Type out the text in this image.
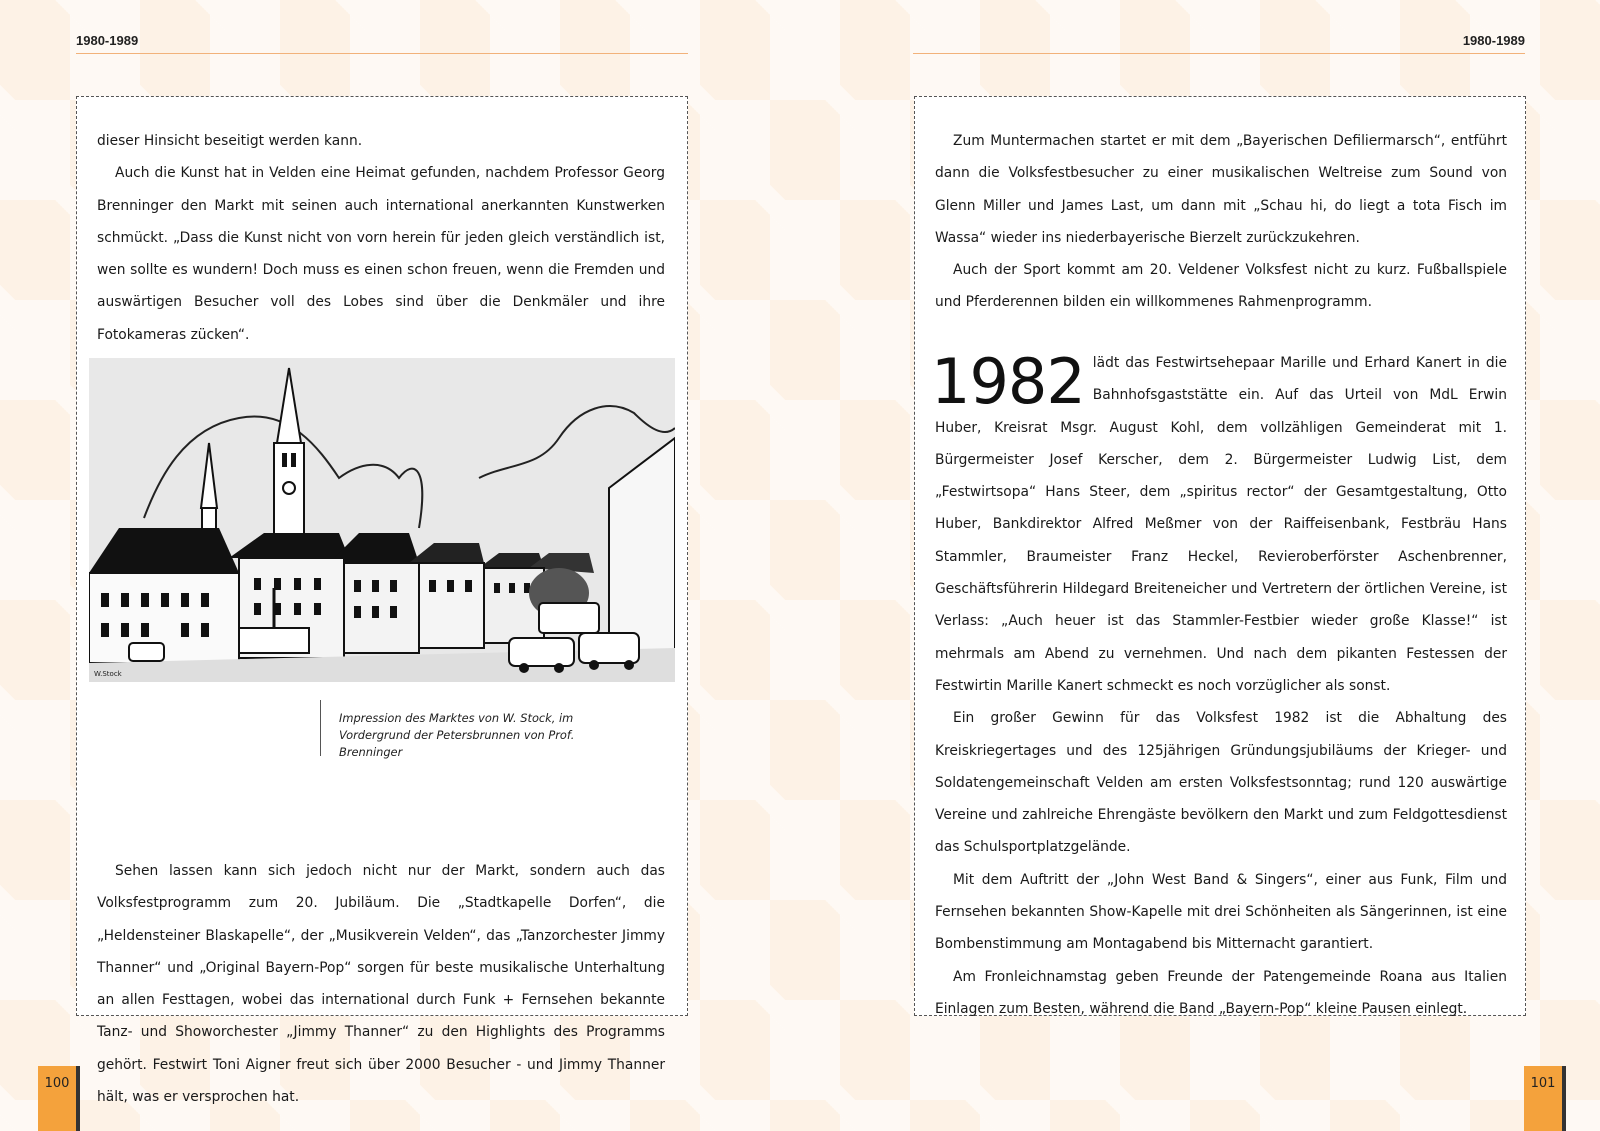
1980-1989

dieser Hinsicht beseitigt werden kann.

Auch die Kunst hat in Velden eine Heimat gefunden, nachdem Professor Georg Brenninger den Markt mit seinen auch international anerkannten Kunstwerken schmückt. „Dass die Kunst nicht von vorn herein für jeden gleich verständlich ist, wen sollte es wundern! Doch muss es einen schon freuen, wenn die Fremden und auswärtigen Besucher voll des Lobes sind über die Denkmäler und ihre Fotokameras zücken“.

W.Stock
Impression des Marktes von W. Stock, im Vordergrund der Petersbrunnen von Prof. Brenninger

Sehen lassen kann sich jedoch nicht nur der Markt, sondern auch das Volksfestprogramm zum 20. Jubiläum. Die „Stadtkapelle Dorfen“, die „Heldensteiner Blaskapelle“, der „Musikverein Velden“, das „Tanzorchester Jimmy Thanner“ und „Original Bayern-Pop“ sorgen für beste musikalische Unterhaltung an allen Festtagen, wobei das international durch Funk + Fernsehen bekannte Tanz- und Showorchester „Jimmy Thanner“ zu den Highlights des Programms gehört. Festwirt Toni Aigner freut sich über 2000 Besucher - und Jimmy Thanner hält, was er versprochen hat.

100
1980-1989

Zum Muntermachen startet er mit dem „Bayerischen Defiliermarsch“, entführt dann die Volksfestbesucher zu einer musikalischen Weltreise zum Sound von Glenn Miller und James Last, um dann mit „Schau hi, do liegt a tota Fisch im Wassa“ wieder ins niederbayerische Bierzelt zurückzukehren.

Auch der Sport kommt am 20. Veldener Volksfest nicht zu kurz. Fußballspiele und Pferderennen bilden ein willkommenes Rahmenprogramm.

1982 lädt das Festwirtsehepaar Marille und Erhard Kanert in die Bahnhofsgaststätte ein. Auf das Urteil von MdL Erwin Huber, Kreisrat Msgr. August Kohl, dem vollzähligen Gemeinderat mit 1. Bürgermeister Josef Kerscher, dem 2. Bürgermeister Ludwig List, dem „Festwirtsopa“ Hans Steer, dem „spiritus rector“ der Gesamtgestaltung, Otto Huber, Bankdirektor Alfred Meßmer von der Raiffeisenbank, Festbräu Hans Stammler, Braumeister Franz Heckel, Revieroberförster Aschenbrenner, Geschäftsführerin Hildegard Breiteneicher und Vertretern der örtlichen Vereine, ist Verlass: „Auch heuer ist das Stammler-Festbier wieder große Klasse!“ ist mehrmals am Abend zu vernehmen. Und nach dem pikanten Festessen der Festwirtin Marille Kanert schmeckt es noch vorzüglicher als sonst.

Ein großer Gewinn für das Volksfest 1982 ist die Abhaltung des Kreiskriegertages und des 125jährigen Gründungsjubiläums der Krieger- und Soldatengemeinschaft Velden am ersten Volksfestsonntag; rund 120 auswärtige Vereine und zahlreiche Ehrengäste bevölkern den Markt und zum Feldgottesdienst das Schulsportplatzgelände.

Mit dem Auftritt der „John West Band & Singers“, einer aus Funk, Film und Fernsehen bekannten Show-Kapelle mit drei Schönheiten als Sängerinnen, ist eine Bombenstimmung am Montagabend bis Mitternacht garantiert.

Am Fronleichnamstag geben Freunde der Patengemeinde Roana aus Italien Einlagen zum Besten, während die Band „Bayern-Pop“ kleine Pausen einlegt.

101
